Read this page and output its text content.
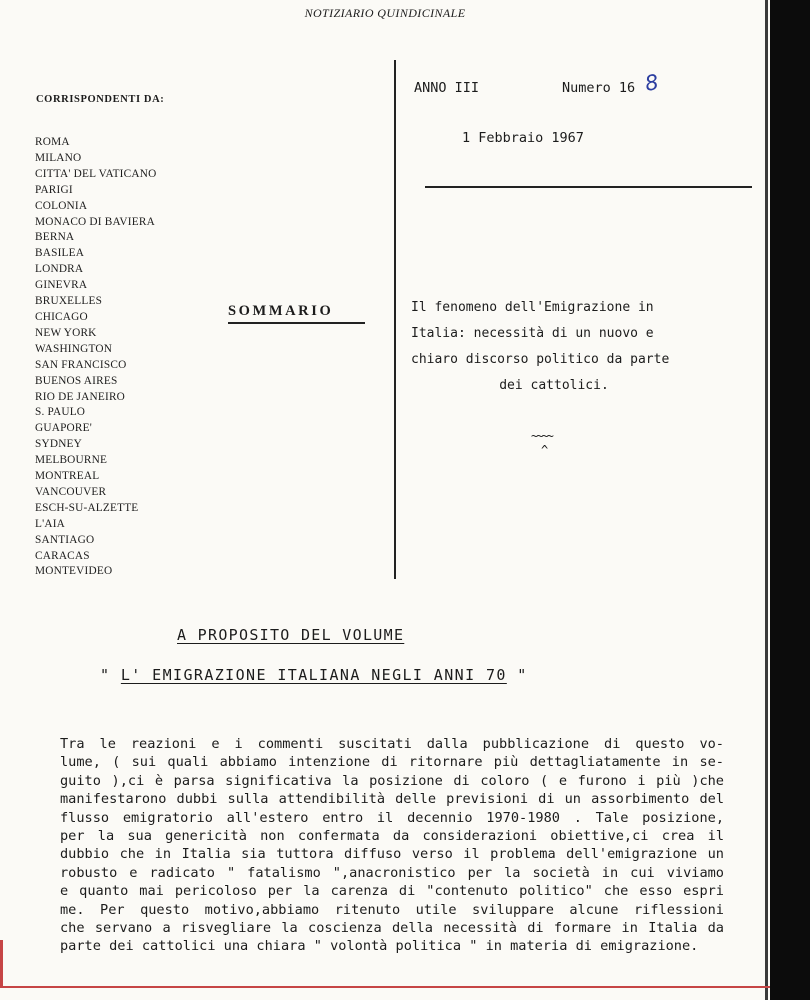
NOTIZIARIO QUINDICINALE
CORRISPONDENTI DA:
ROMA
MILANO
CITTA' DEL VATICANO
PARIGI
COLONIA
MONACO DI BAVIERA
BERNA
BASILEA
LONDRA
GINEVRA
BRUXELLES
CHICAGO
NEW YORK
WASHINGTON
SAN FRANCISCO
BUENOS AIRES
RIO DE JANEIRO
S. PAULO
GUAPORE'
SYDNEY
MELBOURNE
MONTREAL
VANCOUVER
ESCH-SU-ALZETTE
L'AIA
SANTIAGO
CARACAS
MONTEVIDEO
SOMMARIO
ANNO III	Numero 16 8
1 Febbraio 1967
Il fenomeno dell'Emigrazione in
Italia: necessità di un nuovo e
chiaro discorso politico da parte

dei cattolici.
~~~~
^
A PROPOSITO DEL VOLUME
" L' EMIGRAZIONE ITALIANA NEGLI ANNI 70 "
Tra le reazioni e i commenti suscitati dalla pubblicazione di questo vo-
lume, ( sui quali abbiamo intenzione di ritornare più dettagliatamente in se-
guito ),ci è parsa significativa la posizione di coloro ( e furono i più )che
manifestarono dubbi sulla attendibilità delle previsioni di un assorbimento del
flusso emigratorio all'estero entro il decennio 1970-1980 . Tale posizione,
per la sua genericità non confermata da considerazioni obiettive,ci crea il
dubbio che in Italia sia tuttora diffuso verso il problema dell'emigrazione un
robusto e radicato " fatalismo ",anacronistico per la società in cui viviamo
e quanto mai pericoloso per la carenza di "contenuto politico" che esso espri
me. Per questo motivo,abbiamo ritenuto utile sviluppare alcune riflessioni
che servano a risvegliare la coscienza della necessità di formare in Italia da
parte dei cattolici una chiara " volontà politica " in materia di emigrazione.
